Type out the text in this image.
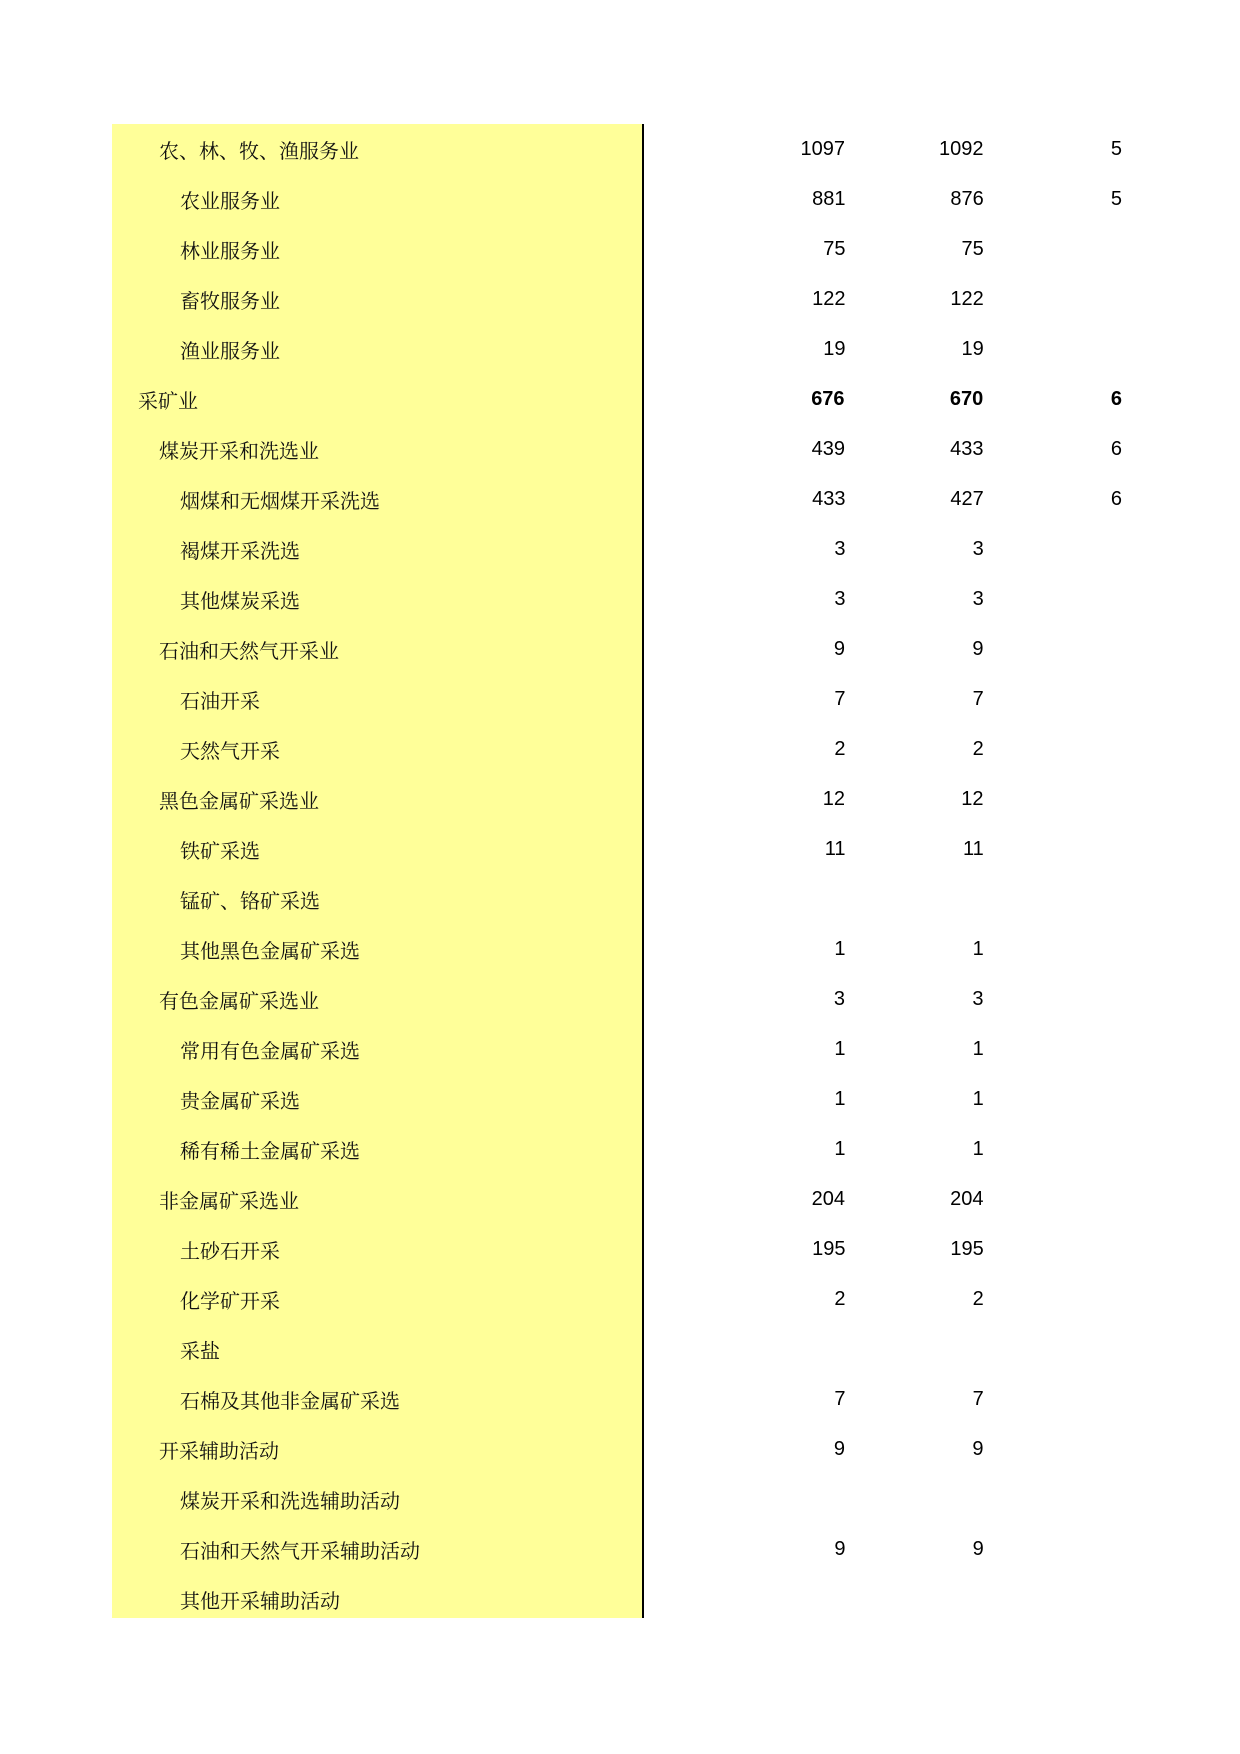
农、林、牧、渔服务业	1097	1092	5
农业服务业	881	876	5
林业服务业	75	75
畜牧服务业	122	122
渔业服务业	19	19
采矿业	676	670	6
煤炭开采和洗选业	439	433	6
烟煤和无烟煤开采洗选	433	427	6
褐煤开采洗选	3	3
其他煤炭采选	3	3
石油和天然气开采业	9	9
石油开采	7	7
天然气开采	2	2
黑色金属矿采选业	12	12
铁矿采选	11	11
锰矿、铬矿采选
其他黑色金属矿采选	1	1
有色金属矿采选业	3	3
常用有色金属矿采选	1	1
贵金属矿采选	1	1
稀有稀土金属矿采选	1	1
非金属矿采选业	204	204
土砂石开采	195	195
化学矿开采	2	2
采盐
石棉及其他非金属矿采选	7	7
开采辅助活动	9	9
煤炭开采和洗选辅助活动
石油和天然气开采辅助活动	9	9
其他开采辅助活动
